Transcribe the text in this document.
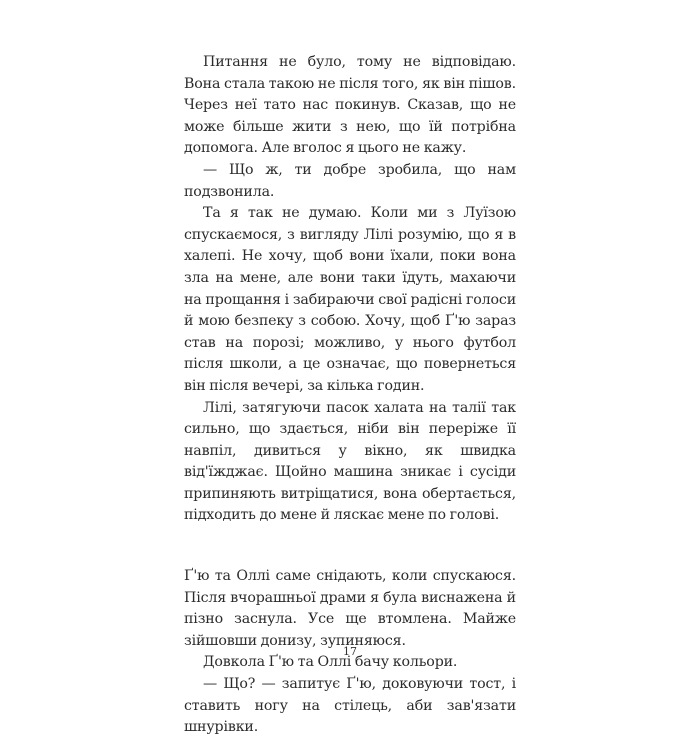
Питання не було, тому не відповідаю. Вона стала такою не після того, як він пішов. Через неї тато нас покинув. Сказав, що не може більше жити з нею, що їй потрібна допомога. Але вголос я цього не кажу.

— Що ж, ти добре зробила, що нам подзвонила.

Та я так не думаю. Коли ми з Луїзою спускаємося, з вигляду Лілі розумію, що я в халепі. Не хочу, щоб вони їхали, поки вона зла на мене, але вони таки їдуть, махаючи на прощання і забираючи свої радісні голоси й мою безпеку з собою. Хочу, щоб Ґ'ю зараз став на порозі; можливо, у нього футбол після школи, а це означає, що повернеться він після вечері, за кілька годин.

Лілі, затягуючи пасок халата на талії так сильно, що здається, ніби він переріже її навпіл, дивиться у вікно, як швидка від'їжджає. Щойно машина зникає і сусіди припиняють витріщатися, вона обертається, підходить до мене й ляскає мене по голові.

Ґ'ю та Оллі саме снідають, коли спускаюся. Після вчорашньої драми я була виснажена й пізно заснула. Усе ще втомлена. Майже зійшовши донизу, зупиняюся.

Довкола Ґ'ю та Оллі бачу кольори.

— Що? — запитує Ґ'ю, доковуючи тост, і ставить ногу на стілець, аби зав'язати шнурівки.

17
